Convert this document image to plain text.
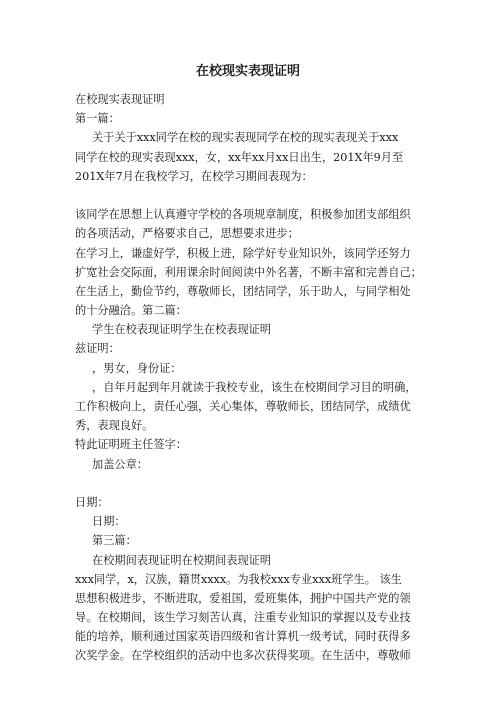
在校现实表现证明
在校现实表现证明
第一篇：
关于关于xxx同学在校的现实表现同学在校的现实表现关于xxx
同学在校的现实表现xxx，女，xx年xx月xx日出生，201X年9月至
201X年7月在我校学习，在校学习期间表现为：
该同学在思想上认真遵守学校的各项规章制度，积极参加团支部组织
的各项活动，严格要求自己，思想要求进步；
在学习上，谦虚好学，积极上进，除学好专业知识外，该同学还努力
扩宽社会交际面，利用课余时间阅读中外名著，不断丰富和完善自己；
在生活上，勤俭节约，尊敬师长，团结同学，乐于助人，与同学相处
的十分融洽。第二篇：
学生在校表现证明学生在校表现证明
兹证明：
，男女，身份证：
，自年月起到年月就读于我校专业，该生在校期间学习目的明确，
工作积极向上，责任心强，关心集体，尊敬师长，团结同学，成绩优
秀，表现良好。
特此证明班主任签字：
加盖公章：
日期：
日期：
第三篇：
在校期间表现证明在校期间表现证明
xxx同学，x，汉族，籍贯xxxx。为我校xxx专业xxx班学生。 该生
思想积极进步，不断进取，爱祖国，爱班集体，拥护中国共产党的领
导。在校期间，该生学习刻苦认真，注重专业知识的掌握以及专业技
能的培养，顺利通过国家英语四级和省计算机一级考试，同时获得多
次奖学金。在学校组织的活动中也多次获得奖项。在生活中，尊敬师
